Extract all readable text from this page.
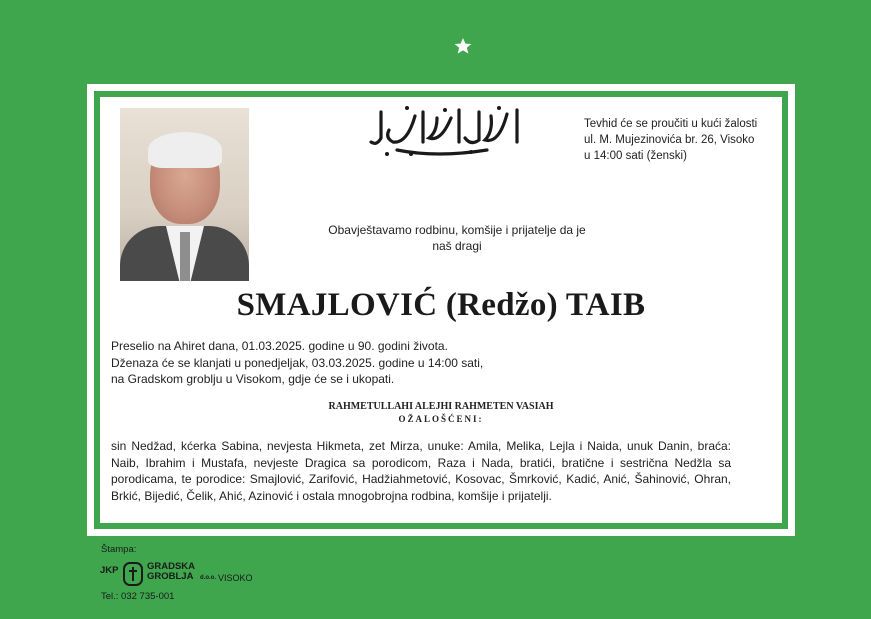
Tevhid će se proučiti u kući žalosti
ul. M. Mujezinovića br. 26, Visoko
u 14:00 sati (ženski)
Obavještavamo rodbinu, komšije i prijatelje da je
naš dragi
SMAJLOVIĆ (Redžo) TAIB
Preselio na Ahiret dana, 01.03.2025. godine u 90. godini života.
Dženaza će se klanjati u ponedjeljak, 03.03.2025. godine u 14:00 sati,
na Gradskom groblju u Visokom, gdje će se i ukopati.
RAHMETULLAHI ALEJHI RAHMETEN VASIAH
OŽALOŠĆENI:
sin Nedžad, kćerka Sabina, nevjesta Hikmeta, zet Mirza, unuke: Amila, Melika, Lejla i Naida, unuk Danin, braća: Naib, Ibrahim i Mustafa, nevjeste Dragica sa porodicom, Raza i Nada, bratići, bratične i sestrična Nedžla sa porodicama, te porodice: Smajlović, Zarifović, Hadžiahmetović, Kosovac, Šmrković, Kadić, Anić, Šahinović, Ohran, Brkić, Bijedić, Čelik, Ahić, Azinović i ostala mnogobrojna rodbina, komšije i prijatelji.
Štampa:
JKP	GRADSKA
GROBLJA d.o.o. VISOKO
Tel.: 032 735-001
